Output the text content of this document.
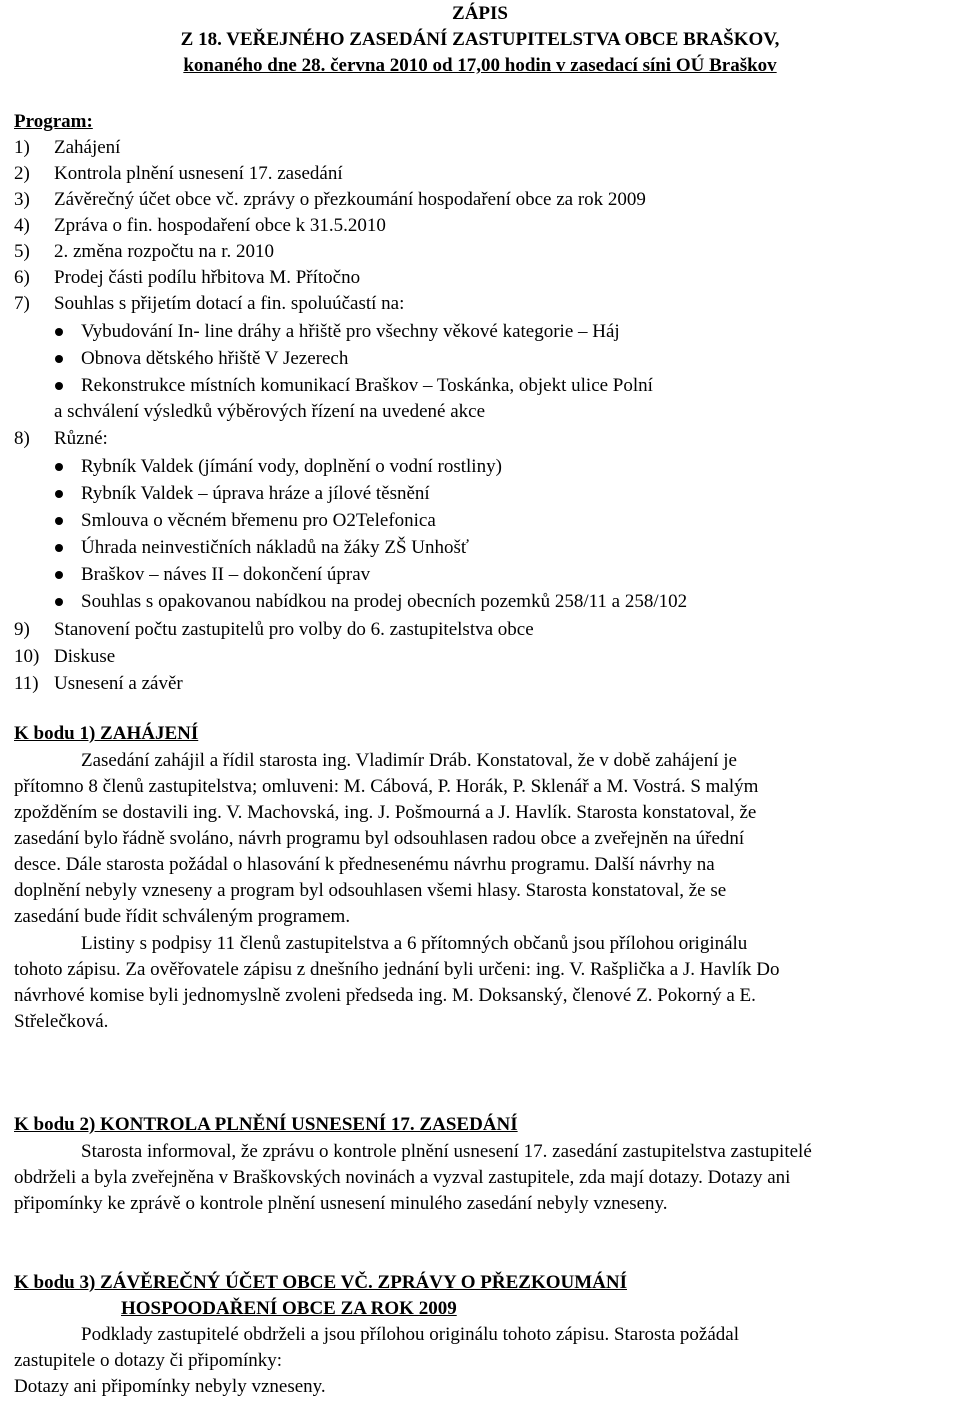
ZÁPIS
Z 18. VEŘEJNÉHO ZASEDÁNÍ ZASTUPITELSTVA OBCE BRAŠKOV,
konaného dne 28. června 2010 od 17,00 hodin v zasedací síni OÚ Braškov
Program:
1) Zahájení
2) Kontrola plnění usnesení 17. zasedání
3) Závěrečný účet obce vč. zprávy o přezkoumání hospodaření obce za rok 2009
4) Zpráva o fin. hospodaření obce k 31.5.2010
5) 2. změna rozpočtu na r. 2010
6) Prodej části podílu hřbitova M. Přítočno
7) Souhlas s přijetím dotací a fin. spoluúčastí na:
Vybudování In- line dráhy a hřiště pro všechny věkové kategorie – Háj
Obnova dětského hřiště V Jezerech
Rekonstrukce místních komunikací Braškov – Toskánka, objekt ulice Polní
a schválení výsledků výběrových řízení na uvedené akce
8) Různé:
Rybník Valdek (jímání vody, doplnění o vodní rostliny)
Rybník Valdek – úprava hráze a jílové těsnění
Smlouva o věcném břemenu pro O2Telefonica
Úhrada neinvestičních nákladů na žáky ZŠ Unhošť
Braškov – náves II – dokončení úprav
Souhlas s opakovanou nabídkou na prodej obecních pozemků 258/11 a 258/102
9) Stanovení počtu zastupitelů pro volby do 6. zastupitelstva obce
10) Diskuse
11) Usnesení a závěr
K bodu 1) ZAHÁJENÍ
Zasedání zahájil a řídil starosta ing. Vladimír Dráb. Konstatoval, že v době zahájení je
přítomno 8 členů zastupitelstva; omluveni: M. Cábová, P. Horák, P. Sklenář a M. Vostrá. S malým
zpožděním se dostavili ing. V. Machovská, ing. J. Pošmourná a J. Havlík. Starosta konstatoval, že
zasedání bylo řádně svoláno, návrh programu byl odsouhlasen radou obce a zveřejněn na úřední
desce. Dále starosta požádal o hlasování k přednesenému návrhu programu. Další návrhy na
doplnění nebyly vzneseny a program byl odsouhlasen všemi hlasy. Starosta konstatoval, že se
zasedání bude řídit schváleným programem.
Listiny s podpisy 11 členů zastupitelstva a 6 přítomných občanů jsou přílohou originálu
tohoto zápisu. Za ověřovatele zápisu z dnešního jednání byli určeni: ing. V. Rašplička a J. Havlík Do
návrhové komise byli jednomyslně zvoleni předseda ing. M. Doksanský, členové Z. Pokorný a E.
Střelečková.
K bodu 2) KONTROLA PLNĚNÍ USNESENÍ 17. ZASEDÁNÍ
Starosta informoval, že zprávu o kontrole plnění usnesení 17. zasedání zastupitelstva zastupitelé
obdrželi a byla zveřejněna v Braškovských novinách a vyzval zastupitele, zda mají dotazy. Dotazy ani
připomínky ke zprávě o kontrole plnění usnesení minulého zasedání nebyly vzneseny.
K bodu 3) ZÁVĚREČNÝ ÚČET OBCE VČ. ZPRÁVY O PŘEZKOUMÁNÍ
HOSPOODAŘENÍ OBCE ZA ROK 2009
Podklady zastupitelé obdrželi a jsou přílohou originálu tohoto zápisu. Starosta požádal
zastupitele o dotazy či připomínky:
Dotazy ani připomínky nebyly vzneseny.
